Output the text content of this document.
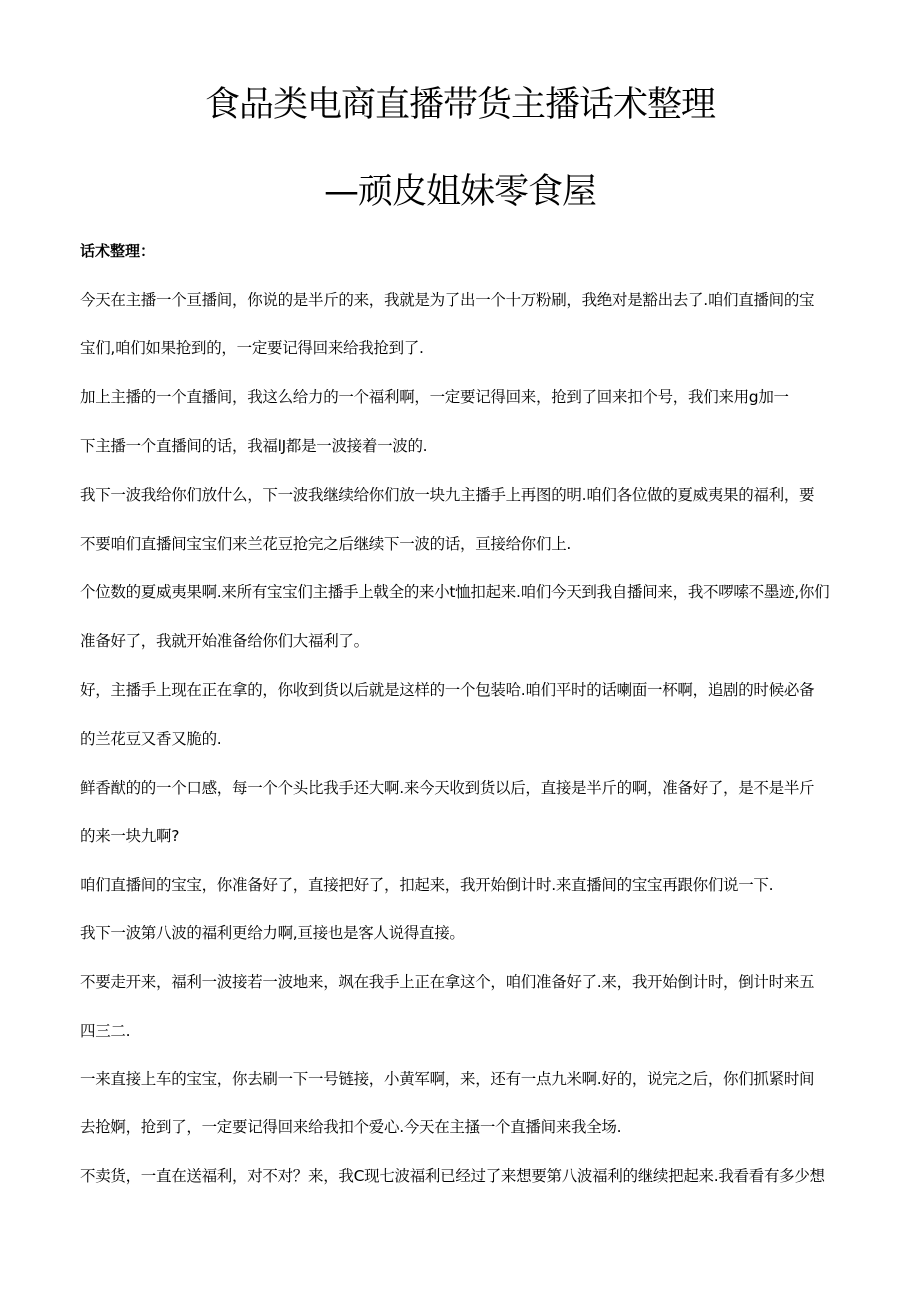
食品类电商直播带货主播话术整理
—顽皮姐妹零食屋
话术整理：
今天在主播一个亘播间，你说的是半斤的来，我就是为了出一个十万粉刷，我绝对是豁出去了.咱们直播间的宝
宝们,咱们如果抢到的，一定要记得回来给我抢到了.
加上主播的一个直播间，我这么给力的一个福利啊，一定要记得回来，抢到了回来扣个号，我们来用g加一
下主播一个直播间的话，我福lJ都是一波接着一波的.
我下一波我给你们放什么，下一波我继续给你们放一块九主播手上再图的明.咱们各位做的夏威夷果的福利，要
不要咱们直播间宝宝们来兰花豆抢完之后继续下一波的话，亘接给你们上.
个位数的夏威夷果啊.来所有宝宝们主播手上戟全的来小t恤扣起来.咱们今天到我自播间来，我不啰嗦不墨迹,你们
准备好了，我就开始准备给你们大福利了。
好，主播手上现在正在拿的，你收到货以后就是这样的一个包装哈.咱们平时的话喇面一杯啊，追剧的时候必备
的兰花豆又香又脆的.
鲜香猷的的一个口感，每一个个头比我手还大啊.来今天收到货以后，直接是半斤的啊，准备好了，是不是半斤
的来一块九啊?
咱们直播间的宝宝，你准备好了，直接把好了，扣起来，我开始倒计时.来直播间的宝宝再跟你们说一下.
我下一波第八波的福利更给力啊,亘接也是客人说得直接。
不要走开来，福利一波接若一波地来，飒在我手上正在拿这个，咱们准备好了.来，我开始倒计时，倒计时来五
四三二.
一来直接上车的宝宝，你去刷一下一号链接，小黄军啊，来，还有一点九米啊.好的，说完之后，你们抓紧时间
去抢婀，抢到了，一定要记得回来给我扣个爱心.今天在主搔一个直播间来我全场.
不卖货，一直在送福利，对不对？来，我C现七波福利已经过了来想要第八波福利的继续把起来.我看看有多少想
